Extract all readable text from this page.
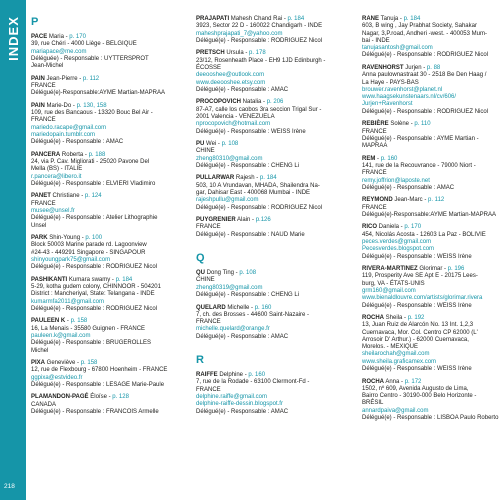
INDEX
218
P
PACE Maria - p. 170
39, rue Chéri - 4000 Liège - BELGIQUE
mariapace@me.com
Déléguée) - Responsable : UYTTERSPROT
Jean-Michel
PAIN Jean-Pierre - p. 112
FRANCE
Délégué(e)-Responsable:AYME Martian-MAPRAA
PAIN Marie-Do - p. 130, 158
109, rue des Bancaous - 13320 Bouc Bel Air -
FRANCE
mariedo.racape@gmail.com
mariedopain.tumblr.com
Délégué(e) - Responsable : AMAC
PANCERA Roberta - p. 188
24, via P. Cav. Migliorati - 25020 Pavone Del
Mella (BS) - ITALIE
r.pancera@libero.it
Délégué(e) - Responsable : ELVIERI Vladimiro
PANET Christiane - p. 124
FRANCE
musee@unsel.fr
Délégué(e) - Responsable : Atelier Lithographie Unsel
PARK Shin-Young - p. 100
Block 50003 Marine parade rd. Lagoonview
#24-43 - 449291 Singapore - SINGAPOUR
shinyoungpark75@gmail.com
Délégué(e) - Responsable : RODRIGUEZ Nicol
PASHIKANTI Kumara swamy - p. 184
5-29, kotha gudem colony, CHINNOOR - 504201
District : Mancheriyal, State: Telangana - INDE
kumarmfa2011@gmail.com
Délégué(e) - Responsable : RODRIGUEZ Nicol
PAULEEN K - p. 158
16, La Menais - 35580 Guignen - FRANCE
pauleen.k@gmail.com
Délégué(e) - Responsable : BRUGEROLLES Michel
PIXA Geneviève - p. 158
12, rue de Flexbourg - 67800 Hoenheim - FRANCE
ggpixa@estvideo.fr
Délégué(e) - Responsable : LESAGE Marie-Paule
PLAMANDON-PAGÉ Éloïse - p. 128
CANADA
Délégué(e) - Responsable : FRANCOIS Armelle
PRAJAPATI Mahesh Chand Rai - p. 184
3923, Sector 22 D - 160022 Chandigarh - INDE
maheshprajapati_7@yahoo.com
Délégué(e) - Responsable : RODRIGUEZ Nicol
PRETSCH Ursula - p. 178
23/12, Rosenheath Place - EH9 1JD Edinburgh -
ÉCOSSE
deeooshee@outlook.com
www.deeooshee.etsy.com
Délégué(e) - Responsable : AMAC
PROCOPOVICH Natalia - p. 206
87-A7, calle los caobos 3ra seccion Trigal Sur -
2001 Valencia - VENEZUELA
nprocopovich@hotmail.com
Délégué(e) - Responsable : WEISS Irène
PU Wei - p. 108
CHINE
zheng80310@gmail.com
Délégué(e) - Responsable : CHENG Li
PULLARWAR Rajesh - p. 184
503, 10 A Vrundavan, MHADA, Shailendra Na-
gar, Dahisar East - 400068 Mumbai - INDE
rajeshpullu@gmail.com
Délégué(e) - Responsable : RODRIGUEZ Nicol
PUYGRENIER Alain - p.126
FRANCE
Délégué(e) - Responsable : NAUD Marie
Q
QU Dong Ting - p. 108
CHINE
zheng80319@gmail.com
Délégué(e) - Responsable : CHENG Li
QUELARD Michelle - p. 160
7, ch. des Brosses - 44600 Saint-Nazaire -
FRANCE
michelle.quelard@orange.fr
Délégué(e) - Responsable : AMAC
R
RAIFFE Delphine - p. 160
7, rue de la Rodade - 63100 Clermont-Fd -
FRANCE
delphine.raiffe@gmail.com
delphine-raiffe-dessin.blogspot.fr
Délégué(e) - Responsable : AMAC
RANE Tanuja - p. 184
603, B wing , Jay Prabhat Society, Sahakar
Nagar, 3,P.road, Andheri -west. - 400053 Mum-
bai - INDE
tanujasantosh@gmail.com
Délégué(e) - Responsable : RODRIGUEZ Nicol
RAVENHORST Jurjen - p. 88
Anna paulownastraat 30 - 2518 Be Den Haag /
La Haye - PAYS-BAS
brouwer.ravenhorst@planet.nl
www.haagsekunstenaars.nl/cv/606/
Jurjen+Ravenhorst
Délégué(e) - Responsable : RODRIGUEZ Nicol
REBIÈRE Solène - p. 110
FRANCE
Délégué(e) - Responsable : AYME Martian - MAPRAA
REM - p. 160
141, rue de la Recouvrance - 79000 Niort -
FRANCE
remy.joffrion@laposte.net
Délégué(e) - Responsable : AMAC
REYMOND Jean-Marc - p. 112
FRANCE
Délégué(e)-Responsable:AYME Martian-MAPRAA
RICO Daniela - p. 170
454, Nicolás Acosta - 12603 La Paz - BOLIVIE
peces.verdes@gmail.com
Pecesverdes.blogspot.com
Délégué(e) - Responsable : WEISS Irène
RIVERA-MARTINEZ Glorimar - p. 196
119, Prosperity Ave SE Apt E - 20175 Lees-
burg, VA - ÉTATS-UNIS
grm160@gmail.com
www.bienaldlouvre.com/artists/glorimar.rivera
Délégué(e) - Responsable : WEISS Irène
ROCHA Sheila - p. 192
13, Juan Ruiz de Alarcón No. 13 Int. 1,2,3
Cuernavaca, Mor. Col. Centro CP 62000 (L'
Arrosoir D' Arthur.) - 62000 Cuernavaca,
Morelos. - MEXIQUE
sheilarochah@gmail.com
www.sheila.graficamex.com
Délégué(e) - Responsable : WEISS Irène
ROCHA Anna - p. 172
1502, nº 609, Avenida Augusto de Lima,
Bairro Centro - 30190-000 Belo Horizonte -
BRÉSIL
annardpaiva@gmail.com
Délégué(e) - Responsable : LISBOA Paulo Roberto
